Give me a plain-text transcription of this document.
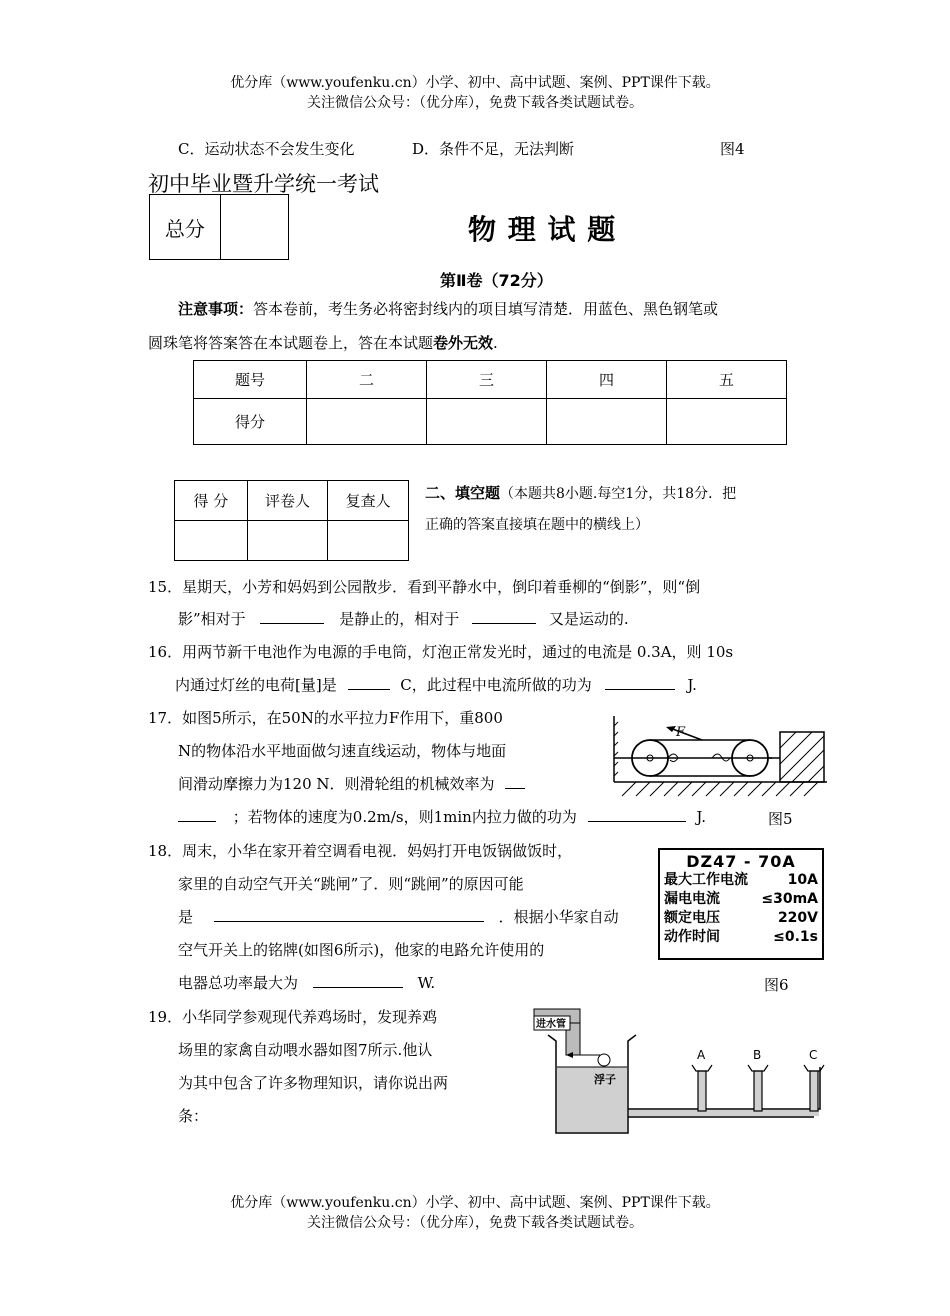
优分库（www.youfenku.cn）小学、初中、高中试题、案例、PPT课件下载。
关注微信公众号：（优分库），免费下载各类试题试卷。
C．运动状态不会发生变化	D．条件不足，无法判断	图4
初中毕业暨升学统一考试
总分		物 理 试 题
第Ⅱ卷（72分）
注意事项：答本卷前，考生务必将密封线内的项目填写清楚．用蓝色、黑色钢笔或
圆珠笔将答案答在本试题卷上，答在本试题卷外无效.
题号	二	三	四	五
得分				
得 分	评卷人	复查人
		二、填空题（本题共8小题.每空1分，共18分．把
正确的答案直接填在题中的横线上）
15．星期天，小芳和妈妈到公园散步．看到平静水中，倒印着垂柳的“倒影”，则“倒
影”相对于	是静止的，相对于	又是运动的.
16．用两节新干电池作为电源的手电筒，灯泡正常发光时，通过的电流是 0.3A，则 10s
内通过灯丝的电荷[量]是	C，此过程中电流所做的功为	J.
17．如图5所示，在50N的水平拉力F作用下，重800
N的物体沿水平地面做匀速直线运动，物体与地面
间滑动摩擦力为120 N．则滑轮组的机械效率为
；若物体的速度为0.2m/s，则1min内拉力做的功为	J.	图5
F
18．周末，小华在家开着空调看电视．妈妈打开电饭锅做饭时，
家里的自动空气开关“跳闸”了．则“跳闸”的原因可能
是	．根据小华家自动
空气开关上的铭牌(如图6所示)，他家的电路允许使用的
电器总功率最大为	W.
DZ47 - 70A
最大工作电流	10A
漏电电流	≤30mA
额定电压	220V
动作时间	≤0.1s
图6
19．小华同学参观现代养鸡场时，发现养鸡
场里的家禽自动喂水器如图7所示.他认
为其中包含了许多物理知识，请你说出两
条：
进水管
浮子
A	B	C
优分库（www.youfenku.cn）小学、初中、高中试题、案例、PPT课件下载。
关注微信公众号：（优分库），免费下载各类试题试卷。
